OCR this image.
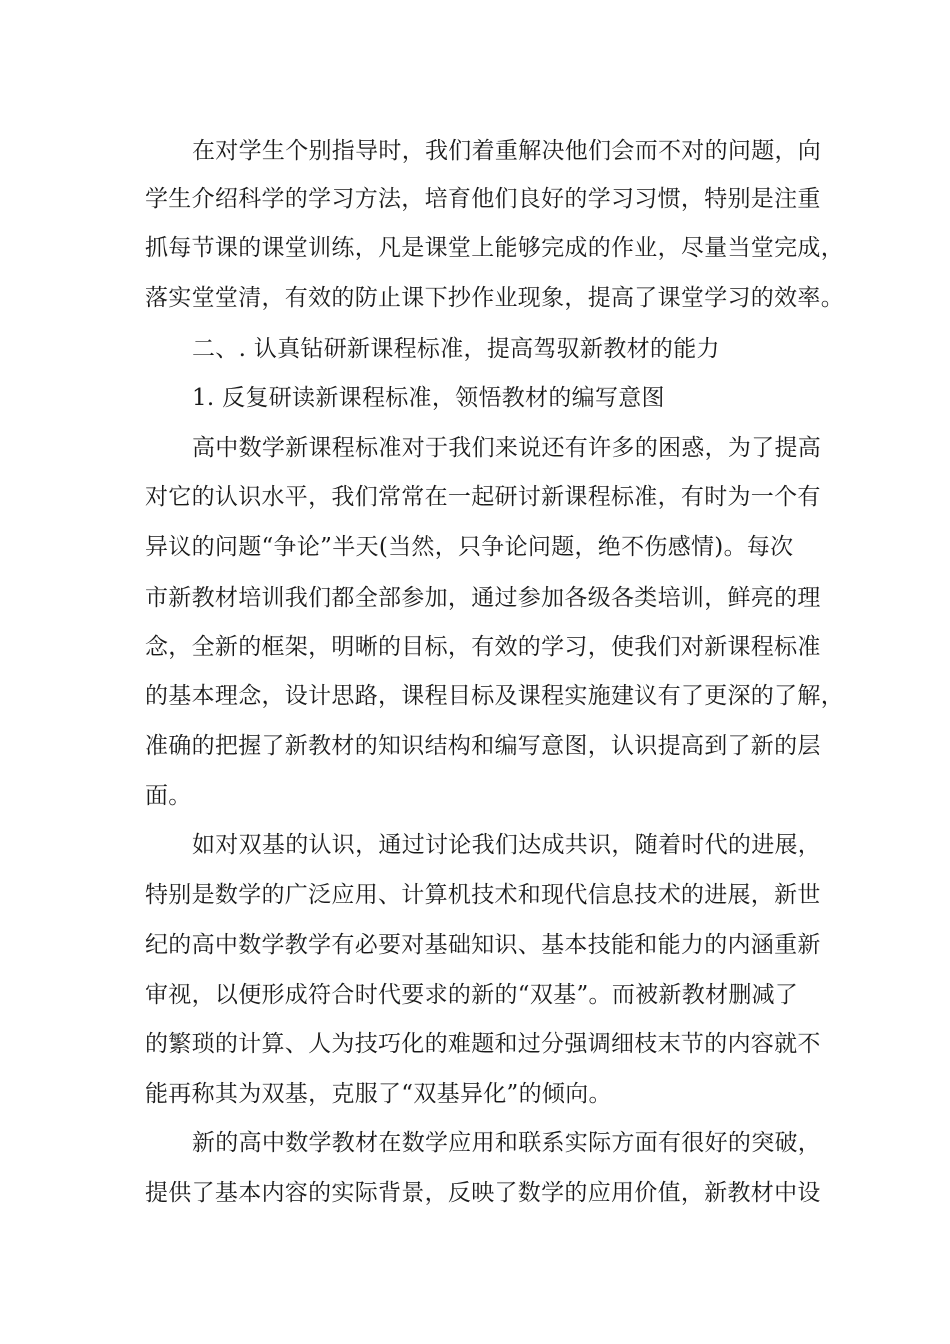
在对学生个别指导时，我们着重解决他们会而不对的问题，向
学生介绍科学的学习方法，培育他们良好的学习习惯，特别是注重
抓每节课的课堂训练，凡是课堂上能够完成的作业，尽量当堂完成，
落实堂堂清，有效的防止课下抄作业现象，提高了课堂学习的效率。
二、. 认真钻研新课程标准，提高驾驭新教材的能力
1. 反复研读新课程标准，领悟教材的编写意图
高中数学新课程标准对于我们来说还有许多的困惑，为了提高
对它的认识水平，我们常常在一起研讨新课程标准，有时为一个有
异议的问题“争论”半天(当然，只争论问题，绝不伤感情)。每次
市新教材培训我们都全部参加，通过参加各级各类培训，鲜亮的理
念，全新的框架，明晰的目标，有效的学习，使我们对新课程标准
的基本理念，设计思路，课程目标及课程实施建议有了更深的了解，
准确的把握了新教材的知识结构和编写意图，认识提高到了新的层
面。
如对双基的认识，通过讨论我们达成共识，随着时代的进展，
特别是数学的广泛应用、计算机技术和现代信息技术的进展，新世
纪的高中数学教学有必要对基础知识、基本技能和能力的内涵重新
审视，以便形成符合时代要求的新的“双基”。而被新教材删减了
的繁琐的计算、人为技巧化的难题和过分强调细枝末节的内容就不
能再称其为双基，克服了“双基异化”的倾向。
新的高中数学教材在数学应用和联系实际方面有很好的突破，
提供了基本内容的实际背景，反映了数学的应用价值，新教材中设
